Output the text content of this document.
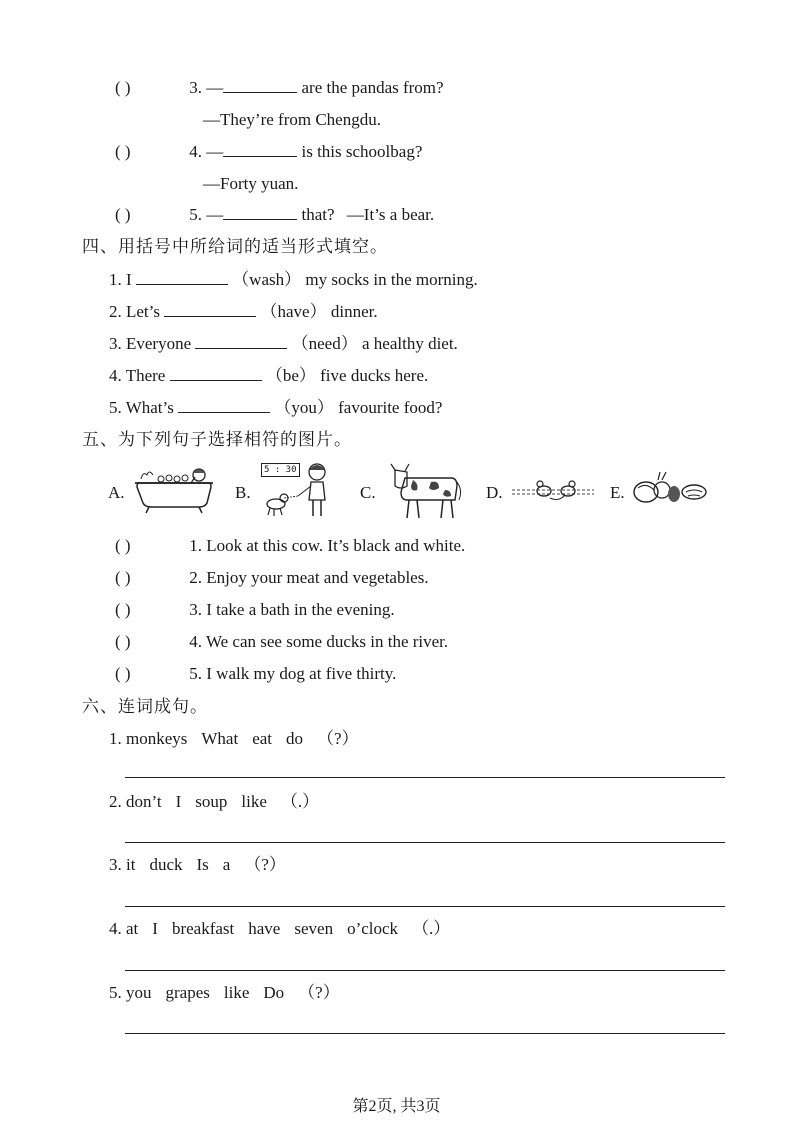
( )	3. —	are the pandas from?
—They’re from Chengdu.
( )	4. —	is this schoolbag?
—Forty yuan.
( )	5. —	that? —It’s a bear.
四、用括号中所给词的适当形式填空。
1. I	（wash） my socks in the morning.
2. Let’s	（have） dinner.
3. Everyone	（need） a healthy diet.
4. There	（be） five ducks here.
5. What’s	（you） favourite food?
五、为下列句子选择相符的图片。
A.	B.
5 : 30
C.	D.	E.
( )	1. Look at this cow. It’s black and white.
( )	2. Enjoy your meat and vegetables.
( )	3. I take a bath in the evening.
( )	4. We can see some ducks in the river.
( )	5. I walk my dog at five thirty.
六、连词成句。
1. monkeys What eat do （?）
2. don’t I soup like （.）
3. it duck Is a （?）
4. at I breakfast have seven o’clock （.）
5. you grapes like Do （?）
第2页, 共3页
